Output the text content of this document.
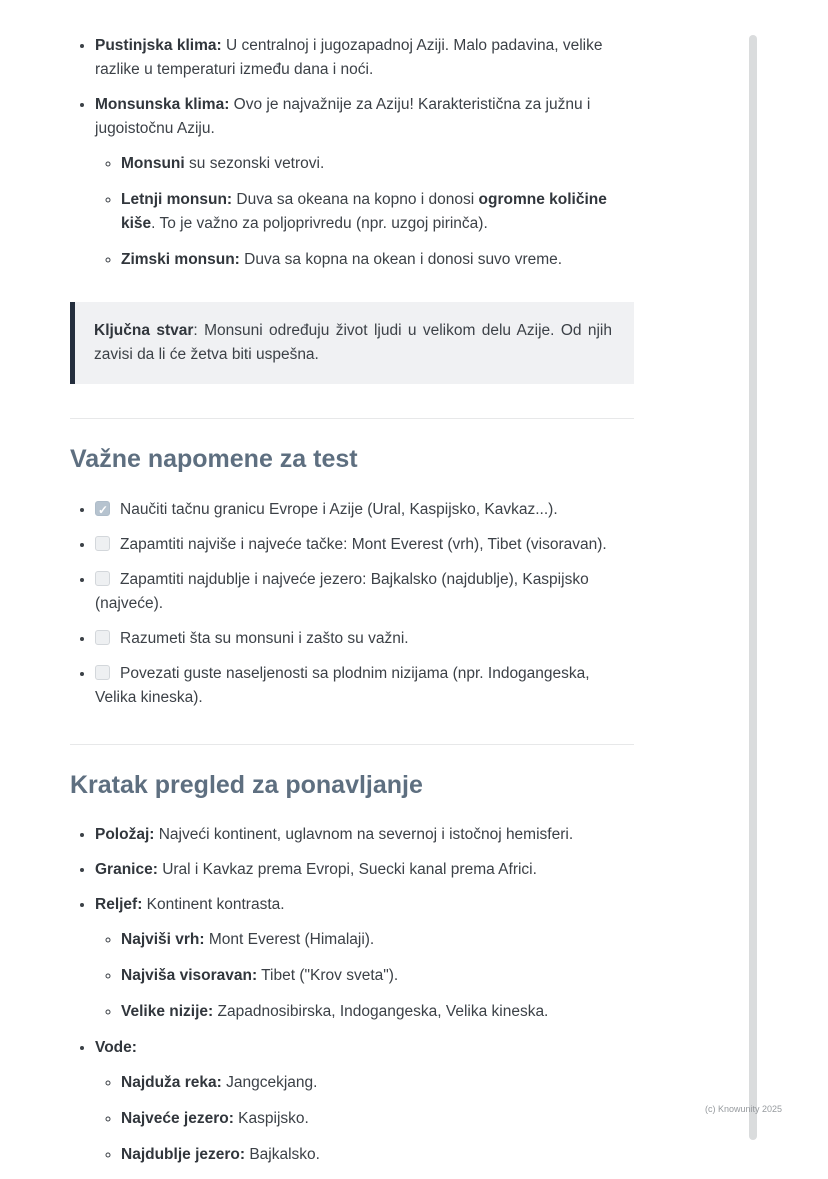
• Pustinjska klima: U centralnoj i jugozapadnoj Aziji. Malo padavina, velike razlike u temperaturi između dana i noći.

• Monsunska klima: Ovo je najvažnije za Aziju! Karakteristična za južnu i jugoistočnu Aziju.

◦ Monsuni su sezonski vetrovi.

◦ Letnji monsun: Duva sa okeana na kopno i donosi ogromne količine kiše. To je važno za poljoprivredu (npr. uzgoj pirinča).

◦ Zimski monsun: Duva sa kopna na okean i donosi suvo vreme.

Ključna stvar: Monsuni određuju život ljudi u velikom delu Azije. Od njih zavisi da li će žetva biti uspešna.

Važne napomene za test
✓• Naučiti tačnu granicu Evrope i Azije (Ural, Kaspijsko, Kavkaz...).
• Zapamtiti najviše i najveće tačke: Mont Everest (vrh), Tibet (visoravan).
• Zapamtiti najdublje i najveće jezero: Bajkalsko (najdublje), Kaspijsko (najveće).
• Razumeti šta su monsuni i zašto su važni.
• Povezati guste naseljenosti sa plodnim nizijama (npr. Indogangeska, Velika kineska).
Kratak pregled za ponavljanje

• Položaj: Najveći kontinent, uglavnom na severnoj i istočnoj hemisferi.

• Granice: Ural i Kavkaz prema Evropi, Suecki kanal prema Africi.

• Reljef: Kontinent kontrasta.

◦ Najviši vrh: Mont Everest (Himalaji).

◦ Najviša visoravan: Tibet ("Krov sveta").

◦ Velike nizije: Zapadnosibirska, Indogangeska, Velika kineska.

• Vode:

◦ Najduža reka: Jangcekjang.

◦ Najveće jezero: Kaspijsko.

◦ Najdublje jezero: Bajkalsko.

(c) Knowunity 2025
